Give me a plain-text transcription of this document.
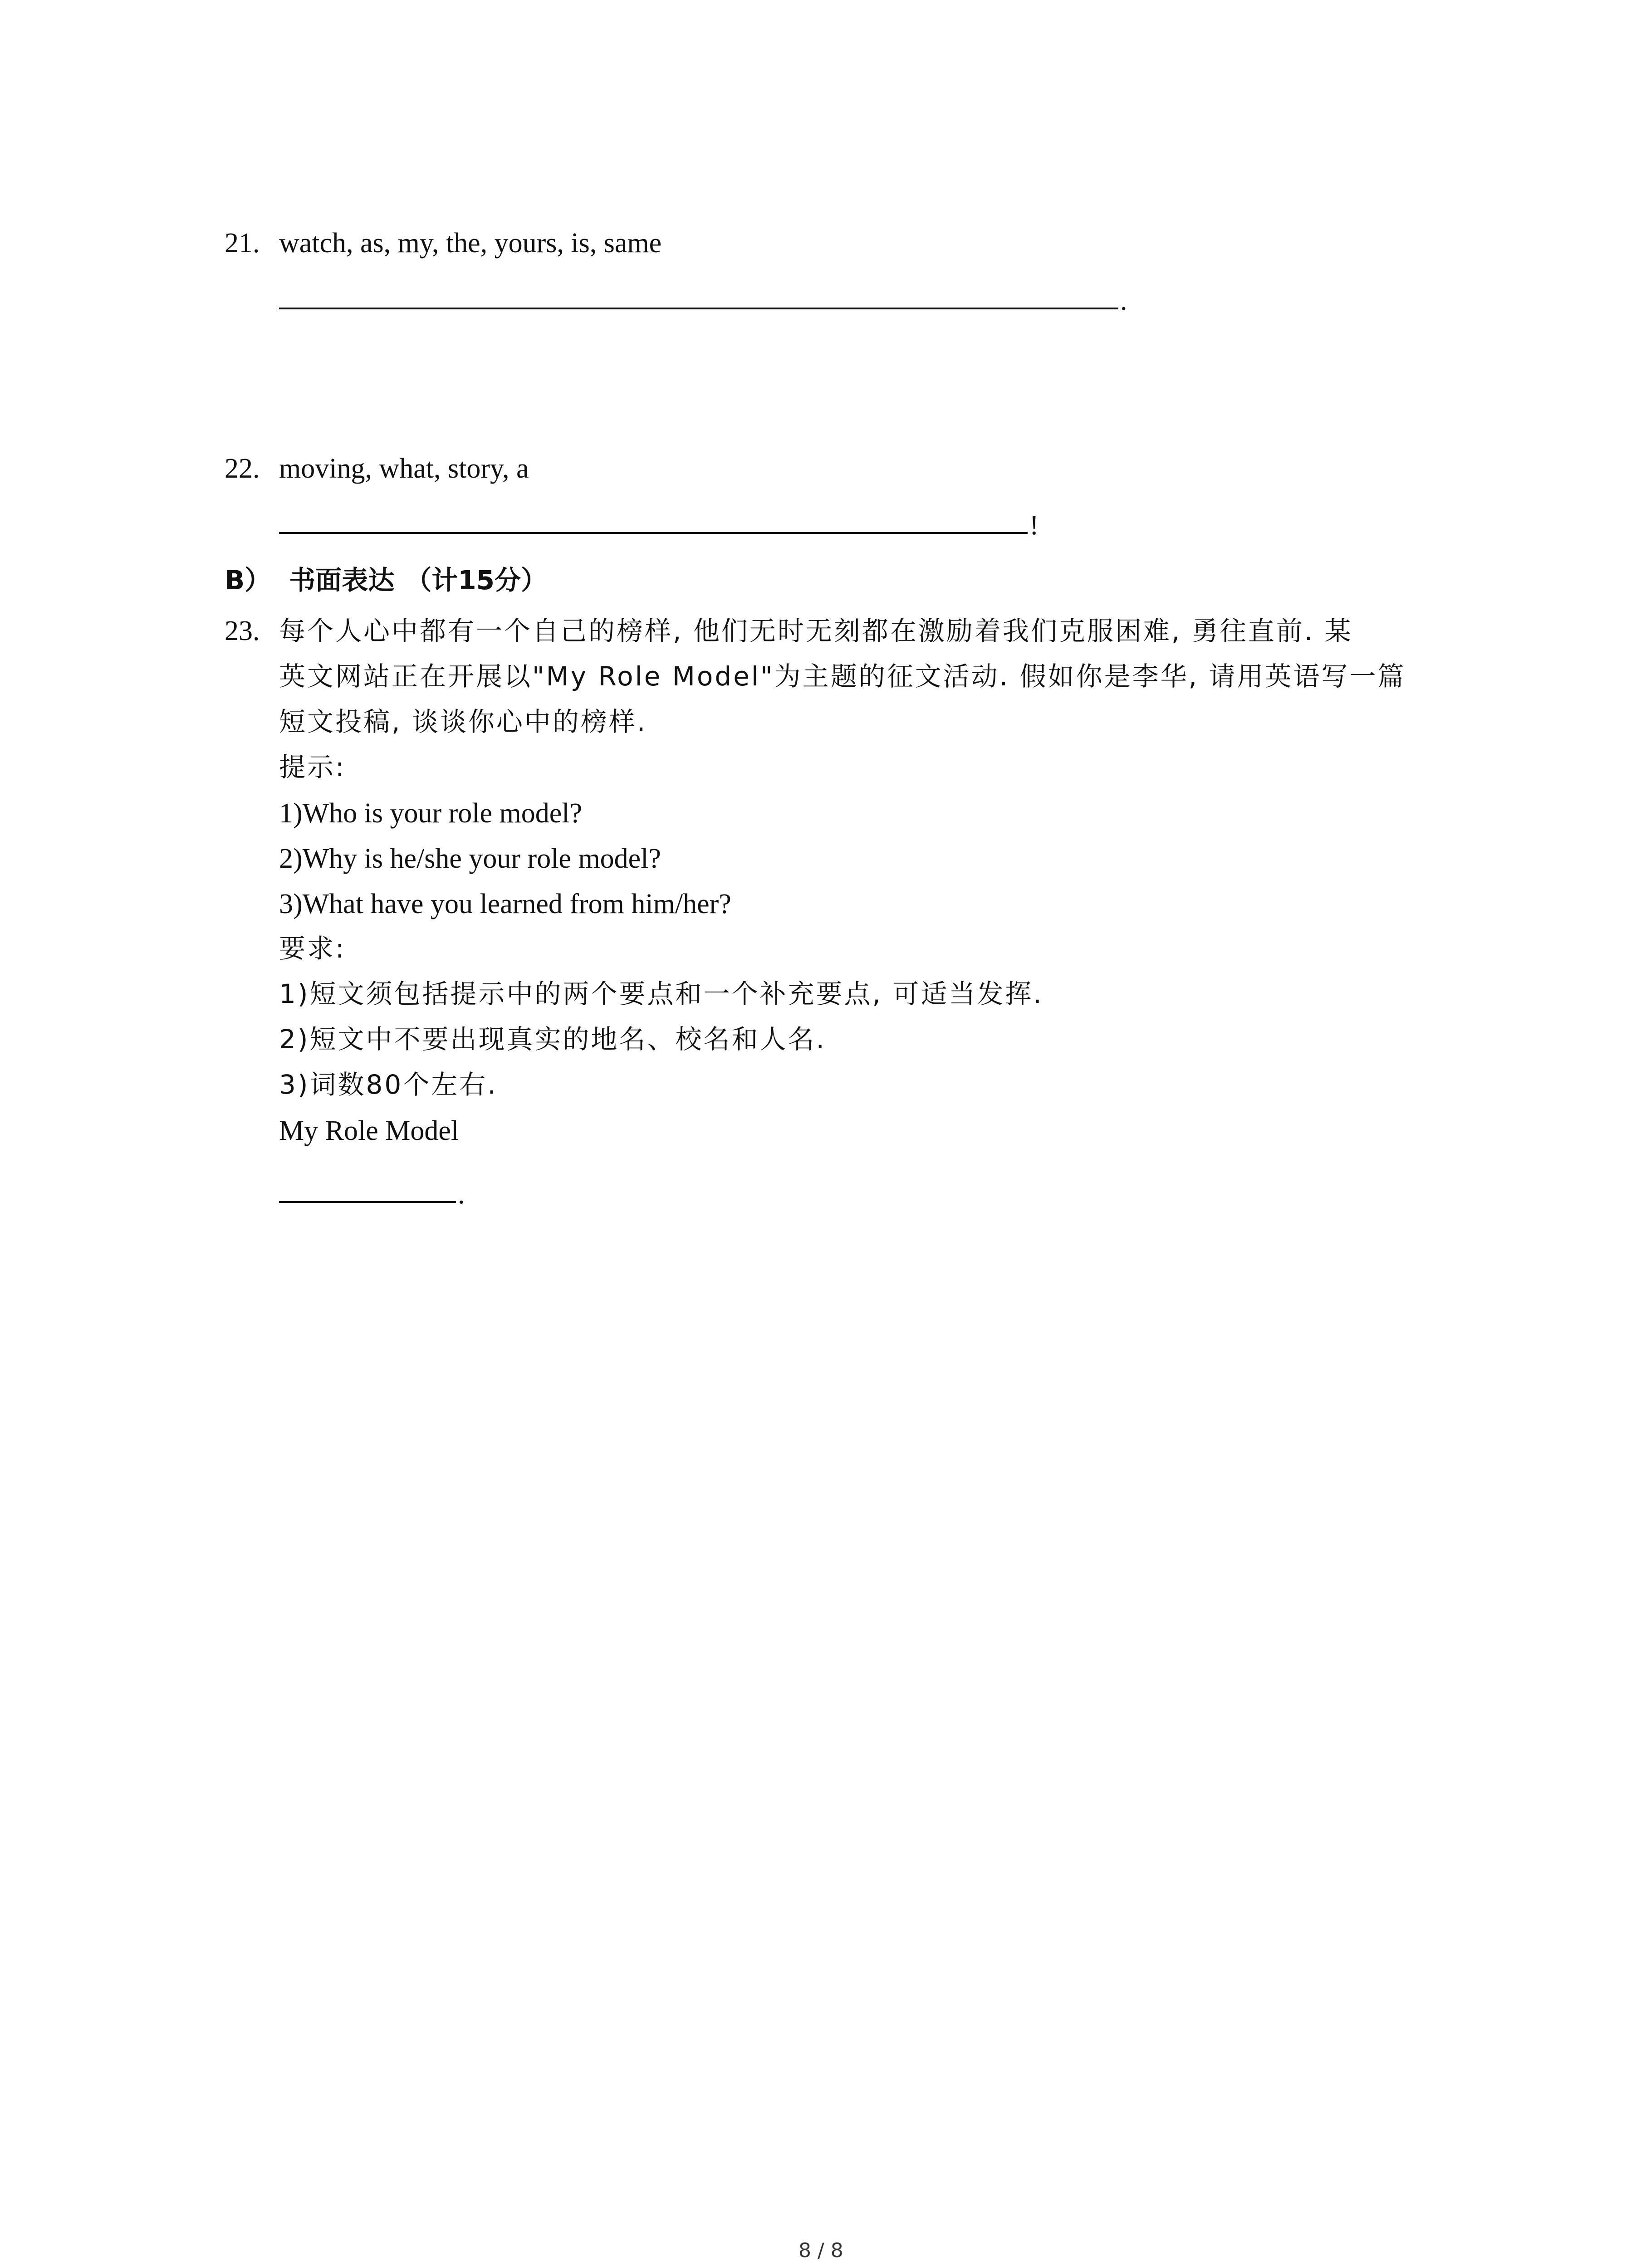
21. watch, as, my, the, yours, is, same
.
22. moving, what, story, a
!
B） 书面表达 （计15分）
23. 每个人心中都有一个自己的榜样, 他们无时无刻都在激励着我们克服困难, 勇往直前. 某
英文网站正在开展以"My Role Model"为主题的征文活动. 假如你是李华, 请用英语写一篇
短文投稿, 谈谈你心中的榜样.
提示:
1)Who is your role model?
2)Why is he/she your role model?
3)What have you learned from him/her?
要求:
1)短文须包括提示中的两个要点和一个补充要点, 可适当发挥.
2)短文中不要出现真实的地名、校名和人名.
3)词数80个左右.
My Role Model
.
8 / 8
